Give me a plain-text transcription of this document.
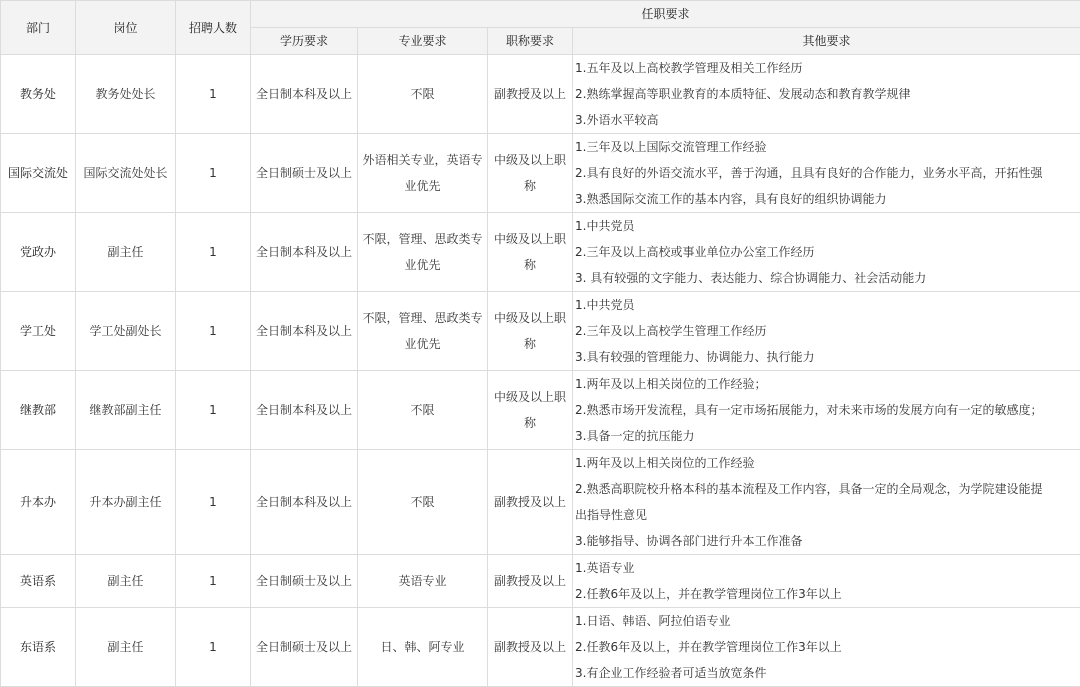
部门	岗位	招聘人数	任职要求			
			学历要求	专业要求	职称要求	其他要求
教务处	教务处处长	1	全日制本科及以上	不限	副教授及以上	1.五年及以上高校教学管理及相关工作经历
2.熟练掌握高等职业教育的本质特征、发展动态和教育教学规律
3.外语水平较高

国际交流处	国际交流处处长	1	全日制硕士及以上	外语相关专业，英语专业优先	中级及以上职称	1.三年及以上国际交流管理工作经验
2.具有良好的外语交流水平，善于沟通，且具有良好的合作能力，业务水平高，开拓性强
3.熟悉国际交流工作的基本内容，具有良好的组织协调能力

党政办	副主任	1	全日制本科及以上	不限，管理、思政类专业优先	中级及以上职称	1.中共党员
2.三年及以上高校或事业单位办公室工作经历
3. 具有较强的文字能力、表达能力、综合协调能力、社会活动能力

学工处	学工处副处长	1	全日制本科及以上	不限，管理、思政类专业优先	中级及以上职称	1.中共党员
2.三年及以上高校学生管理工作经历
3.具有较强的管理能力、协调能力、执行能力

继教部	继教部副主任	1	全日制本科及以上	不限	中级及以上职称	1.两年及以上相关岗位的工作经验；
2.熟悉市场开发流程，具有一定市场拓展能力，对未来市场的发展方向有一定的敏感度；
3.具备一定的抗压能力

升本办	升本办副主任	1	全日制本科及以上	不限	副教授及以上	1.两年及以上相关岗位的工作经验
2.熟悉高职院校升格本科的基本流程及工作内容，具备一定的全局观念，为学院建设能提
出指导性意见
3.能够指导、协调各部门进行升本工作准备

英语系	副主任	1	全日制硕士及以上	英语专业	副教授及以上	1.英语专业
2.任教6年及以上，并在教学管理岗位工作3年以上

东语系	副主任	1	全日制硕士及以上	日、韩、阿专业	副教授及以上	1.日语、韩语、阿拉伯语专业
2.任教6年及以上，并在教学管理岗位工作3年以上
3.有企业工作经验者可适当放宽条件
